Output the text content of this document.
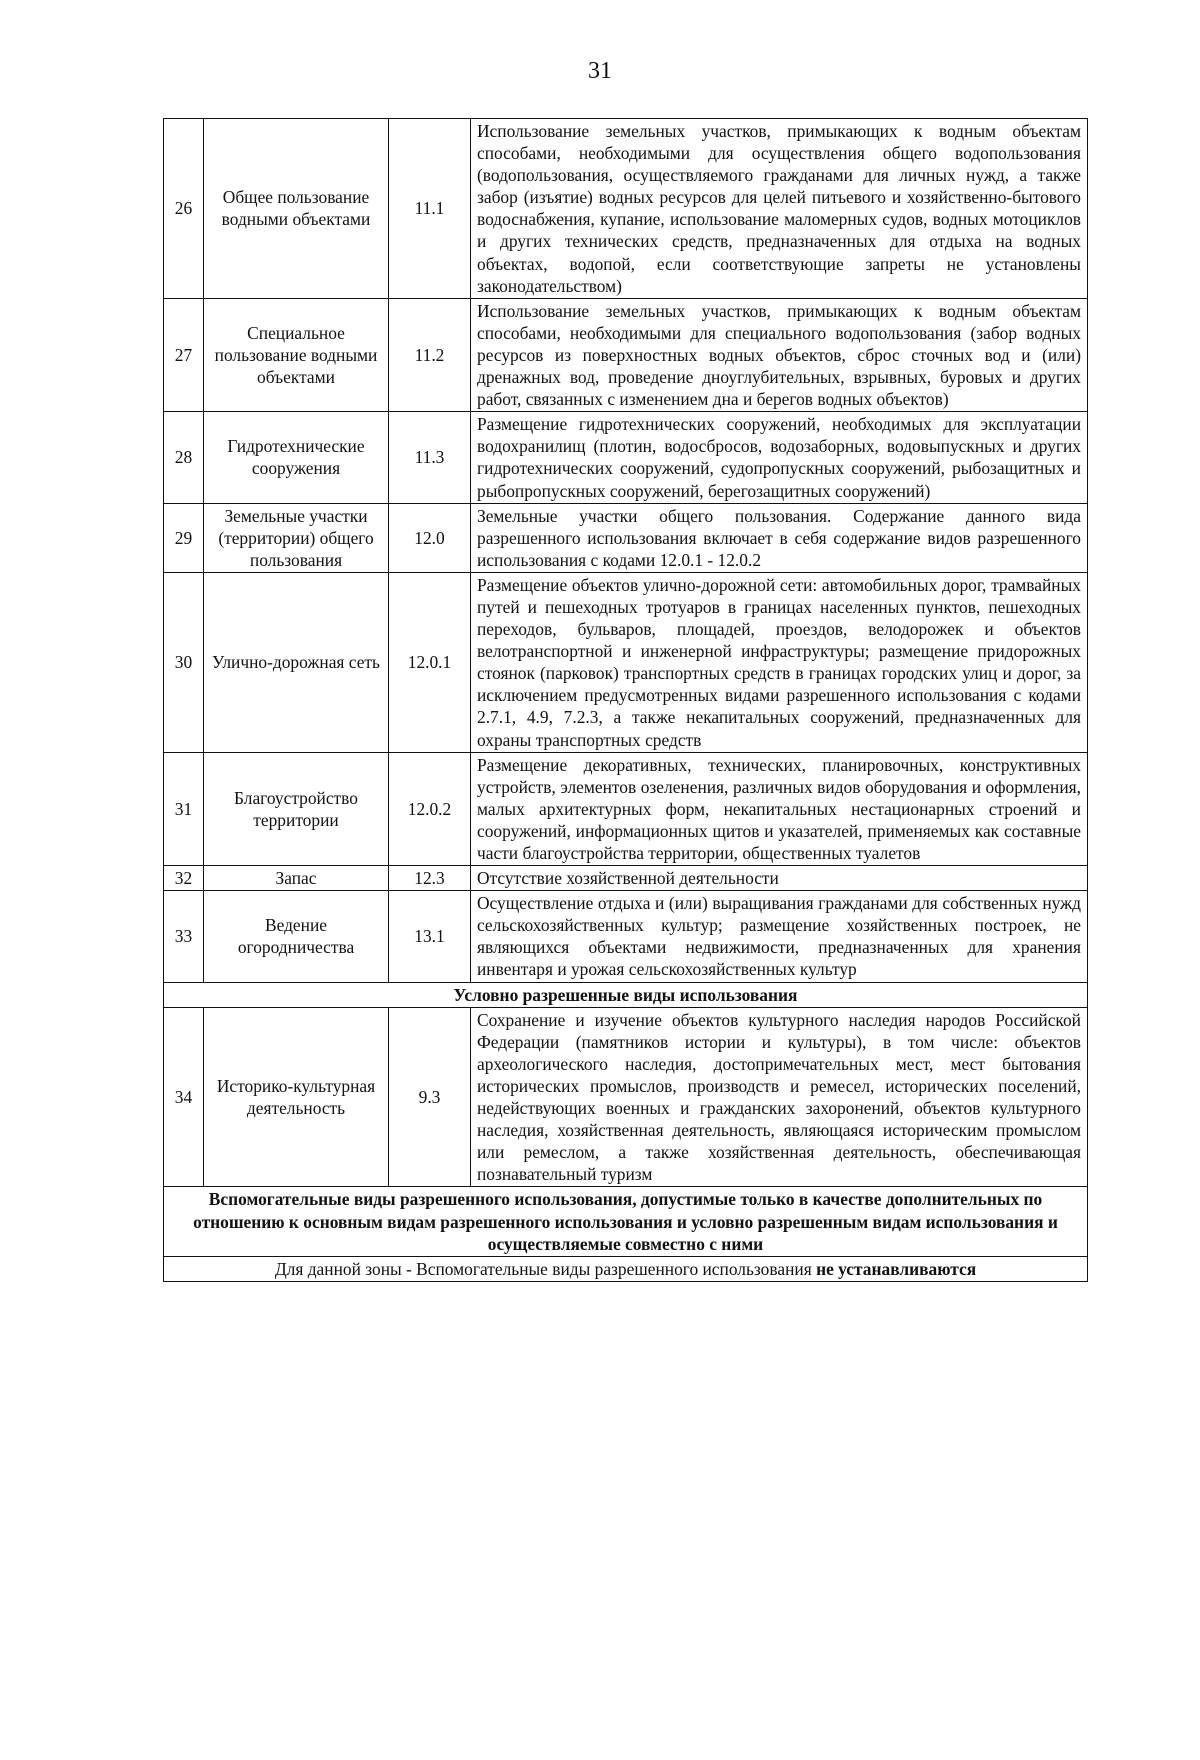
31
26	Общее пользование водными объектами	11.1	Использование земельных участков, примыкающих к водным объектам способами, необходимыми для осуществления общего водопользования (водопользования, осуществляемого гражданами для личных нужд, а также забор (изъятие) водных ресурсов для целей питьевого и хозяйственно-бытового водоснабжения, купание, использование маломерных судов, водных мотоциклов и других технических средств, предназначенных для отдыха на водных объектах, водопой, если соответствующие запреты не установлены законодательством)
27	Специальное пользование водными объектами	11.2	Использование земельных участков, примыкающих к водным объектам способами, необходимыми для специального водопользования (забор водных ресурсов из поверхностных водных объектов, сброс сточных вод и (или) дренажных вод, проведение дноуглубительных, взрывных, буровых и других работ, связанных с изменением дна и берегов водных объектов)
28	Гидротехнические сооружения	11.3	Размещение гидротехнических сооружений, необходимых для эксплуатации водохранилищ (плотин, водосбросов, водозаборных, водовыпускных и других гидротехнических сооружений, судопропускных сооружений, рыбозащитных и рыбопропускных сооружений, берегозащитных сооружений)
29	Земельные участки (территории) общего пользования	12.0	Земельные участки общего пользования. Содержание данного вида разрешенного использования включает в себя содержание видов разрешенного использования с кодами 12.0.1 - 12.0.2
30	Улично-дорожная сеть	12.0.1	Размещение объектов улично-дорожной сети: автомобильных дорог, трамвайных путей и пешеходных тротуаров в границах населенных пунктов, пешеходных переходов, бульваров, площадей, проездов, велодорожек и объектов велотранспортной и инженерной инфраструктуры; размещение придорожных стоянок (парковок) транспортных средств в границах городских улиц и дорог, за исключением предусмотренных видами разрешенного использования с кодами 2.7.1, 4.9, 7.2.3, а также некапитальных сооружений, предназначенных для охраны транспортных средств
31	Благоустройство территории	12.0.2	Размещение декоративных, технических, планировочных, конструктивных устройств, элементов озеленения, различных видов оборудования и оформления, малых архитектурных форм, некапитальных нестационарных строений и сооружений, информационных щитов и указателей, применяемых как составные части благоустройства территории, общественных туалетов
32	Запас	12.3	Отсутствие хозяйственной деятельности
33	Ведение огородничества	13.1	Осуществление отдыха и (или) выращивания гражданами для собственных нужд сельскохозяйственных культур; размещение хозяйственных построек, не являющихся объектами недвижимости, предназначенных для хранения инвентаря и урожая сельскохозяйственных культур
Условно разрешенные виды использования			
34	Историко-культурная деятельность	9.3	Сохранение и изучение объектов культурного наследия народов Российской Федерации (памятников истории и культуры), в том числе: объектов археологического наследия, достопримечательных мест, мест бытования исторических промыслов, производств и ремесел, исторических поселений, недействующих военных и гражданских захоронений, объектов культурного наследия, хозяйственная деятельность, являющаяся историческим промыслом или ремеслом, а также хозяйственная деятельность, обеспечивающая познавательный туризм
Вспомогательные виды разрешенного использования, допустимые только в качестве дополнительных по отношению к основным видам разрешенного использования и условно разрешенным видам использования и осуществляемые совместно с ними			
Для данной зоны - Вспомогательные виды разрешенного использования не устанавливаются			
